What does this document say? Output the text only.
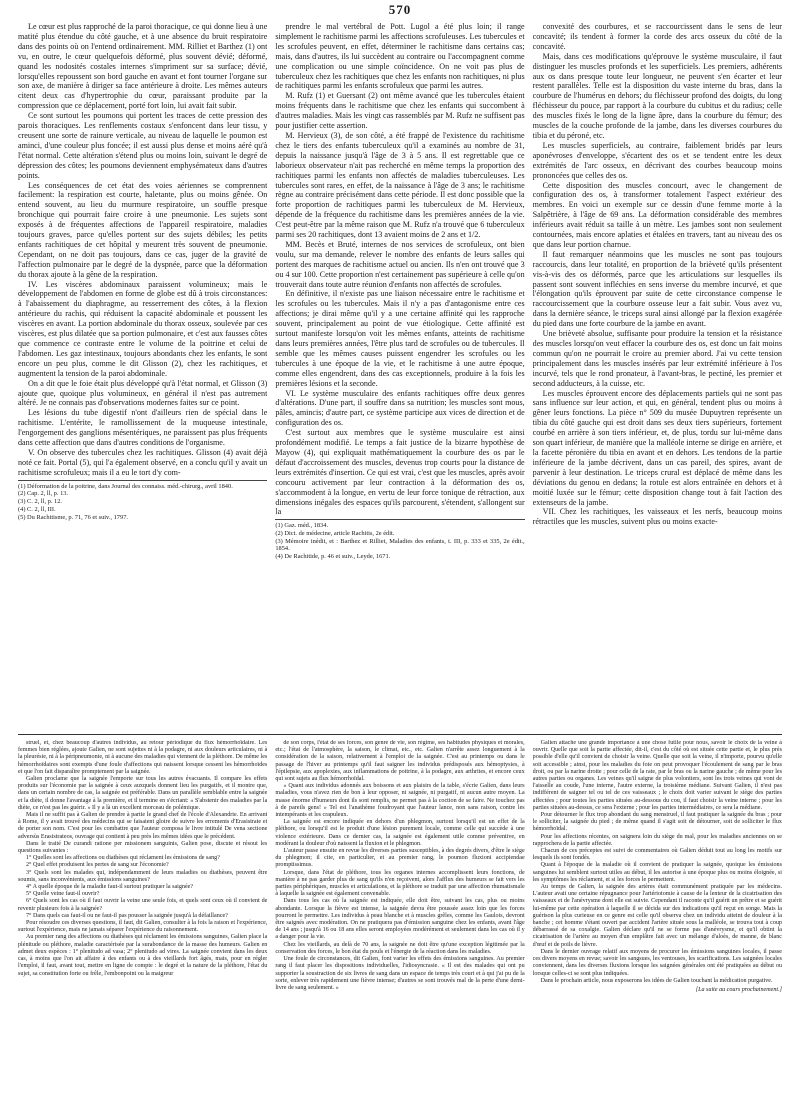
570

Le cœur est plus rapproché de la paroi thoracique, ce qui donne lieu à une matité plus étendue du côté gauche, et à une absence du bruit respiratoire dans des points où on l'entend ordinairement. MM. Rilliet et Barthez (1) ont vu, en outre, le cœur quelquefois déformé, plus souvent dévié; déformé, quand les nodosités costales internes s'impriment sur sa surface; dévié, lorsqu'elles repoussent son bord gauche en avant et font tourner l'organe sur son axe, de manière à diriger sa face antérieure à droite. Les mêmes auteurs citent deux cas d'hypertrophie du cœur, paraissant produite par la compression que ce déplacement, porté fort loin, lui avait fait subir.

Ce sont surtout les poumons qui portent les traces de cette pression des parois thoraciques. Les renflements costaux s'enfoncent dans leur tissu, y creusent une sorte de rainure verticale, au niveau de laquelle le poumon est aminci, d'une couleur plus foncée; il est aussi plus dense et moins aéré qu'à l'état normal. Cette altération s'étend plus ou moins loin, suivant le degré de dépression des côtes; les poumons deviennent emphysémateux dans d'autres points.

Les conséquences de cet état des voies aériennes se comprennent facilement: la respiration est courte, haletante, plus ou moins gênée. On entend souvent, au lieu du murmure respiratoire, un souffle presque bronchique qui pourrait faire croire à une pneumonie. Les sujets sont exposés à de fréquentes affections de l'appareil respiratoire, maladies toujours graves, parce qu'elles portent sur des sujets débiles; les petits enfants rachitiques de cet hôpital y meurent très souvent de pneumonie. Cependant, on ne doit pas toujours, dans ce cas, juger de la gravité de l'affection pulmonaire par le degré de la dyspnée, parce que la déformation du thorax ajoute à la gêne de la respiration.

IV. Les viscères abdominaux paraissent volumineux; mais le développement de l'abdomen en forme de globe est dû à trois circonstances: à l'abaissement du diaphragme, au resserrement des côtes, à la flexion antérieure du rachis, qui réduisent la capacité abdominale et poussent les viscères en avant. La portion abdominale du thorax osseux, soulevée par ces viscères, est plus dilatée que sa portion pulmonaire, et c'est aux fausses côtes que commence ce contraste entre le volume de la poitrine et celui de l'abdomen. Les gaz intestinaux, toujours abondants chez les enfants, le sont encore un peu plus, comme le dit Glisson (2), chez les rachitiques, et augmentent la tension de la paroi abdominale.

On a dit que le foie était plus développé qu'à l'état normal, et Glisson (3) ajoute que, quoique plus volumineux, en général il n'est pas autrement altéré. Je ne connais pas d'observations modernes faites sur ce point.

Les lésions du tube digestif n'ont d'ailleurs rien de spécial dans le rachitisme. L'entérite, le ramollissement de la muqueuse intestinale, l'engorgement des ganglions mésentériques, ne paraissent pas plus fréquents dans cette affection que dans d'autres conditions de l'organisme.

V. On observe des tubercules chez les rachitiques. Glisson (4) avait déjà noté ce fait. Portal (5), qui l'a également observé, en a conclu qu'il y avait un rachitisme scrofuleux; mais il a eu le tort d'y com-

(1) Déformation de la poitrine, dans Journal des connaiss. méd.-chirurg., avril 1840.
(2) Cap. 2, ll, p. 13.
(3) C. 2, ll, p. 12.
(4) C. 2, ll, III.
(5) Du Rachitisme, p. 71, 76 et suiv., 1797.

prendre le mal vertébral de Pott. Lugol a été plus loin; il range simplement le rachitisme parmi les affections scrofuleuses. Les tubercules et les scrofules peuvent, en effet, déterminer le rachitisme dans certains cas; mais, dans d'autres, ils lui succèdent au contraire ou l'accompagnent comme une complication ou une simple coïncidence. On ne voit pas plus de tuberculeux chez les rachitiques que chez les enfants non rachitiques, ni plus de rachitiques parmi les enfants scrofuleux que parmi les autres.

M. Rufz (1) et Guersant (2) ont même avancé que les tubercules étaient moins fréquents dans le rachitisme que chez les enfants qui succombent à d'autres maladies. Mais les vingt cas rassemblés par M. Rufz ne suffisent pas pour justifier cette assertion.

M. Hervieux (3), de son côté, a été frappé de l'existence du rachitisme chez le tiers des enfants tuberculeux qu'il a examinés au nombre de 31, depuis la naissance jusqu'à l'âge de 3 à 5 ans. Il est regrettable que ce laborieux observateur n'ait pas recherché en même temps la proportion des rachitiques parmi les enfants non affectés de maladies tuberculeuses. Les tubercules sont rares, en effet, de la naissance à l'âge de 3 ans; le rachitisme règne au contraire précisément dans cette période. Il est donc possible que la forte proportion de rachitiques parmi les tuberculeux de M. Hervieux, dépende de la fréquence du rachitisme dans les premières années de la vie. C'est peut-être par la même raison que M. Rufz n'a trouvé que 6 tuberculeux parmi ses 20 rachitiques, dont 13 avaient moins de 2 ans et 1/2.

MM. Becès et Bruté, internes de nos services de scrofuleux, ont bien voulu, sur ma demande, relever le nombre des enfants de leurs salles qui portent des marques de rachitisme actuel ou ancien. Ils n'en ont trouvé que 3 ou 4 sur 100. Cette proportion n'est certainement pas supérieure à celle qu'on trouverait dans toute autre réunion d'enfants non affectés de scrofules.

En définitive, il n'existe pas une liaison nécessaire entre le rachitisme et les scrofules ou les tubercules. Mais il n'y a pas d'antagonisme entre ces affections; je dirai même qu'il y a une certaine affinité qui les rapproche souvent, principalement au point de vue étiologique. Cette affinité est surtout manifeste lorsqu'on voit les mêmes enfants, atteints de rachitisme dans leurs premières années, l'être plus tard de scrofules ou de tubercules. Il semble que les mêmes causes puissent engendrer les scrofules ou les tubercules à une époque de la vie, et le rachitisme à une autre époque, comme elles engendrent, dans des cas exceptionnels, produire à la fois les premières lésions et la seconde.

VI. Le système musculaire des enfants rachitiques offre deux genres d'altérations. D'une part, il souffre dans sa nutrition; les muscles sont mous, pâles, amincis; d'autre part, ce système participe aux vices de direction et de configuration des os.

C'est surtout aux membres que le système musculaire est ainsi profondément modifié. Le temps a fait justice de la bizarre hypothèse de Mayow (4), qui expliquait mathématiquement la courbure des os par le défaut d'accroissement des muscles, devenus trop courts pour la distance de leurs extrémités d'insertion. Ce qui est vrai, c'est que les muscles, après avoir concouru activement par leur contraction à la déformation des os, s'accommodent à la longue, en vertu de leur force tonique de rétraction, aux dimensions inégales des espaces qu'ils parcourent, s'étendent, s'allongent sur la

(1) Gaz. méd., 1834.
(2) Dict. de médecine, article Rachitis, 2e édit.
(3) Mémoire inédit, et : Barthez et Rilliet, Maladies des enfants, t. III, p. 333 et 335, 2e édit., 1854.
(4) De Rachitide, p. 46 et suiv., Leyde, 1671.

convexité des courbures, et se raccourcissent dans le sens de leur concavité; ils tendent à former la corde des arcs osseux du côté de la concavité.

Mais, dans ces modifications qu'éprouve le système musculaire, il faut distinguer les muscles profonds et les superficiels. Les premiers, adhérents aux os dans presque toute leur longueur, ne peuvent s'en écarter et leur restent parallèles. Telle est la disposition du vaste interne du bras, dans la courbure de l'humérus en dehors; du fléchisseur profond des doigts, du long fléchisseur du pouce, par rapport à la courbure du cubitus et du radius; celle des muscles fixés le long de la ligne âpre, dans la courbure du fémur; des muscles de la couche profonde de la jambe, dans les diverses courbures du tibia et du péroné, etc.

Les muscles superficiels, au contraire, faiblement bridés par leurs aponévroses d'enveloppe, s'écartent des os et se tendent entre les deux extrémités de l'arc osseux, en décrivant des courbes beaucoup moins prononcées que celles des os.

Cette disposition des muscles concourt, avec le changement de configuration des os, à transformer totalement l'aspect extérieur des membres. En voici un exemple sur ce dessin d'une femme morte à la Salpêtrière, à l'âge de 69 ans. La déformation considérable des membres inférieurs avait réduit sa taille à un mètre. Les jambes sont non seulement contournées, mais encore aplaties et étalées en travers, tant au niveau des os que dans leur portion charnue.

Il faut remarquer néanmoins que les muscles ne sont pas toujours raccourcis, dans leur totalité, en proportion de la brièveté qu'ils présentent vis-à-vis des os déformés, parce que les articulations sur lesquelles ils passent sont souvent infléchies en sens inverse du membre incurvé, et que l'élongation qu'ils éprouvent par suite de cette circonstance compense le raccourcissement que la courbure osseuse leur a fait subir. Vous avez vu, dans la dernière séance, le triceps sural ainsi allongé par la flexion exagérée du pied dans une forte courbure de la jambe en avant.

Une brièveté absolue, suffisante pour produire la tension et la résistance des muscles lorsqu'on veut effacer la courbure des os, est donc un fait moins commun qu'on ne pourrait le croire au premier abord. J'ai vu cette tension principalement dans les muscles insérés par leur extrémité inférieure à l'os incurvé, tels que le rond pronateur, à l'avant-bras, le pectiné, les premier et second adducteurs, à la cuisse, etc.

Les muscles éprouvent encore des déplacements partiels qui ne sont pas sans influence sur leur action, et qui, en général, tendent plus ou moins à gêner leurs fonctions. La pièce n° 509 du musée Dupuytren représente un tibia du côté gauche qui est droit dans ses deux tiers supérieurs, fortement courbé en arrière à son tiers inférieur, et, de plus, tordu sur lui-même dans son quart inférieur, de manière que la malléole interne se dirige en arrière, et la facette péronière du tibia en avant et en dehors. Les tendons de la partie inférieure de la jambe décrivent, dans un cas pareil, des spires, avant de parvenir à leur destination. Le triceps crural est déplacé de même dans les déviations du genou en dedans; la rotule est alors entraînée en dehors et à moitié luxée sur le fémur; cette disposition change tout à fait l'action des extenseurs de la jambe.

VII. Chez les rachitiques, les vaisseaux et les nerfs, beaucoup moins rétractiles que les muscles, suivent plus ou moins exacte-

struel, et, chez beaucoup d'autres individus, au retour périodique du flux hémorrhoïdaire. Les femmes bien réglées, ajoute Galien, ne sont sujettes ni à la podagre, ni aux douleurs articulaires, ni à la pleurésie, ni à la péripneumonie, ni à aucune des maladies qui viennent de la pléthore. De même les hémorrhoïdaires sont exempts d'une foule d'affections qui naissent lorsque cessent les hémorrhoïdes et que l'on fait disparaître promptement par la saignée.

Galien proclame que la saignée l'emporte sur tous les autres évacuants. Il compare les effets produits sur l'économie par la saignée à ceux auxquels donnent lieu les purgatifs, et il montre que, dans un certain nombre de cas, la saignée est préférable. Dans un parallèle semblable entre la saignée et la diète, il donne l'avantage à la première, et il termine en s'écriant: « S'abstenir des maladies par la diète, ce n'est pas les guérir. » Il y a là un excellent morceau de polémique.

Mais il ne suffit pas à Galien de prendre à partie le grand chef de l'école d'Alexandrie. En arrivant à Rome, il y avait trouvé des médecins qui se faisaient gloire de suivre les errements d'Erasistrate et de porter son nom. C'est pour les combattre que l'auteur composa le livre intitulé De vena sectione adversùs Erasistrateos, ouvrage qui contient à peu près les mêmes idées que le précédent.

Dans le traité De curandi ratione per missionem sanguinis, Galien pose, discute et résout les questions suivantes :

1° Quelles sont les affections ou diathèses qui réclament les émissions de sang?

2° Quel effet produisent les pertes de sang sur l'économie?

3° Quels sont les malades qui, indépendamment de leurs maladies ou diathèses, peuvent être soumis, sans inconvénients, aux émissions sanguines?

4° A quelle époque de la maladie faut-il surtout pratiquer la saignée?

5° Quelle veine faut-il ouvrir?

6° Quels sont les cas où il faut ouvrir la veine une seule fois, et quels sont ceux où il convient de revenir plusieurs fois à la saignée?

7° Dans quels cas faut-il ou ne faut-il pas pousser la saignée jusqu'à la défaillance?

Pour résoudre ces diverses questions, il faut, dit Galien, consulter à la fois la raison et l'expérience, surtout l'expérience, mais ne jamais séparer l'expérience du raisonnement.

Au premier rang des affections ou diathèses qui réclament les émissions sanguines, Galien place la plénitude ou pléthore, maladie caractérisée par la surabondance de la masse des humeurs. Galien en admet deux espèces : 1° plenitudo ad vasa; 2° plenitudo ad vires. La saignée convient dans les deux cas, à moins que l'on ait affaire à des enfants ou à des vieillards fort âgés, mais, pour en régler l'emploi, il faut, avant tout, mettre en ligne de compte : le degré et la nature de la pléthore, l'état du sujet, sa constitution forte ou frêle, l'embonpoint ou la maigreur

de son corps, l'état de ses forces, son genre de vie, son régime, ses habitudes physiques et morales, etc.; l'état de l'atmosphère, la saison, le climat, etc., etc. Galien n'arrête assez longuement à la considération de la saison, relativement à l'emploi de la saignée. C'est au printemps ou dans le passage de l'hiver au printemps qu'il faut saigner les individus prédisposés aux hémoptysies, à l'épilepsie, aux apoplexies, aux inflammations de poitrine, à la podagre, aux arthrites, et encore ceux qui sont sujets au flux hémorrhoïdal.

« Quant aux individus adonnés aux boissons et aux plaisirs de la table, s'écrie Galien, dans leurs maladies, vous n'avez rien de bon à leur opposer, ni saignée, ni purgatif, ni aucun autre moyen. La masse énorme d'humeurs dont ils sont remplis, ne permet pas à la coction de se faire. Ne touchez pas à de pareils gens! » Tel est l'anathème foudroyant que l'auteur lance, non sans raison, contre les intempérants et les crapuleux.

La saignée est encore indiquée en dehors d'un phlegmon, surtout lorsqu'il est un effet de la pléthore, ou lorsqu'il est le produit d'une lésion purement locale, comme celle qui succède à une violence extérieure. Dans ce dernier cas, la saignée est également utile comme préventive, en modérant la douleur d'où naissent la fluxion et le phlegmon.

L'auteur passe ensuite en revue les diverses parties susceptibles, à des degrés divers, d'être le siège du phlegmon; il cite, en particulier, et au premier rang, le poumon fluxioni accipiendae promptissimus.

Lorsque, dans l'état de pléthore, tous les organes internes accomplissent leurs fonctions, de manière à ne pas garder plus de sang qu'ils n'en reçoivent, alors l'afflux des humeurs se fait vers les parties périphériques, muscles et articulations, et la pléthore se traduit par une affection rhumatismale à laquelle la saignée est également convenable.

Dans tous les cas où la saignée est indiquée, elle doit être, suivant les cas, plus ou moins abondante. Lorsque la fièvre est intense, la saignée devra être poussée assez loin que les forces pourront le permettre. Les individus à peau blanche et à muscles grêles, comme les Gaulois, devront être saignés avec modération. On ne pratiquera pas d'émission sanguine chez les enfants, avant l'âge de 14 ans ; jusqu'à 16 ou 18 ans elles seront employées modérément et seulement dans les cas où il y a danger pour la vie.

Chez les vieillards, au delà de 70 ans, la saignée ne doit être qu'une exception légitimée par la conservation des forces, le bon état du pouls et l'énergie de la réaction dans les maladies.

Une foule de circonstances, dit Galien, font varier les effets des émissions sanguines. Au premier rang il faut placer les dispositions individuelles, l'idiosyncrasie. « Il est des malades qui ont pu supporter la soustraction de six livres de sang dans un espace de temps très court et à qui j'ai pu de la sorte, enlever très rapidement une fièvre intense; d'autres se sont trouvés mal de la perte d'une demi-livre de sang seulement. »

Galien attache une grande importance à une chose futile pour nous, savoir le choix de la veine à ouvrir. Quelle que soit la partie affectée, dit-il, c'est du côté où est située cette partie et, le plus près possible d'elle qu'il convient de choisir la veine. Quelle que soit la veine, il n'importe, pourvu qu'elle soit accessible ; ainsi, pour les maladies du foie on peut provoquer l'écoulement de sang par le bras droit, ou par la narine droite ; pour celle de la rate, par le bras ou la narine gauche ; de même pour les autres parties ou organes. Les veines qu'il saigne de plus volontiers, sont les trois veines qui vont de l'aisselle au coude, l'une interne, l'autre externe, la troisième médiane. Suivant Galien, il n'est pas indifférent de saigner tel ou tel de ces vaisseaux ; le choix doit varier suivant le siège des parties affectées ; pour toutes les parties situées au-dessous du cou, il faut choisir la veine interne ; pour les parties situées au-dessus, ce sera l'externe ; pour les parties intermédiaires, ce sera la médiane.

Pour détourner le flux trop abondant du sang menstruel, il faut pratiquer la saignée du bras ; pour le solliciter, la saignée du pied ; de même quand il s'agit soit de détourner, soit de solliciter le flux hémorrhoïdal.

Pour les affections récentes, on saignera loin du siège du mal, pour les maladies anciennes on se rapprochera de la partie affectée.

Chacun de ces préceptes est suivi de commentaires où Galien déduit tout au long les motifs sur lesquels ils sont fondés.

Quant à l'époque de la maladie où il convient de pratiquer la saignée, quoique les émissions sanguines lui semblent surtout utiles au début, il les autorise à une époque plus ou moins éloignée, si les symptômes les réclament, et si les forces le permettent.

Au temps de Galien, la saignée des artères était communément pratiquée par les médecins. L'auteur avait une certaine répugnance pour l'artériotomie à cause de la lenteur de la cicatrisation des vaisseaux et de l'anévrysme dont elle est suivie. Cependant il raconte qu'il guérit un prêtre et se guérit lui-même par cette opération à laquelle il se décida sur des indications qu'il reçut en songe. Mais la guérison la plus curieuse en ce genre est celle qu'il observa chez un individu atteint de douleur à la hanche ; cet homme s'étant ouvert par accident l'artère située sous la malléole, se trouva tout à coup débarrassé de sa coxalgie. Galien déclare qu'il ne se forme pas d'anévrysme, et qu'il obtint la cicatrisation de l'artère au moyen d'un emplâtre fait avec un mélange d'aloès, de manne, de blanc d'œuf et de poils de lièvre.

Dans le dernier ouvrage relatif aux moyens de procurer les émissions sanguines locales, il passe ces divers moyens en revue; savoir les sangsues, les ventouses, les scarifications. Les saignées locales conviennent, dans les diverses fluxions lorsque les saignées générales ont été pratiquées au début ou lorsque celles-ci se sont plus indiquées.

Dans le prochain article, nous exposerons les idées de Galien touchant la médication purgative.

[La suite au cours prochainement.]
